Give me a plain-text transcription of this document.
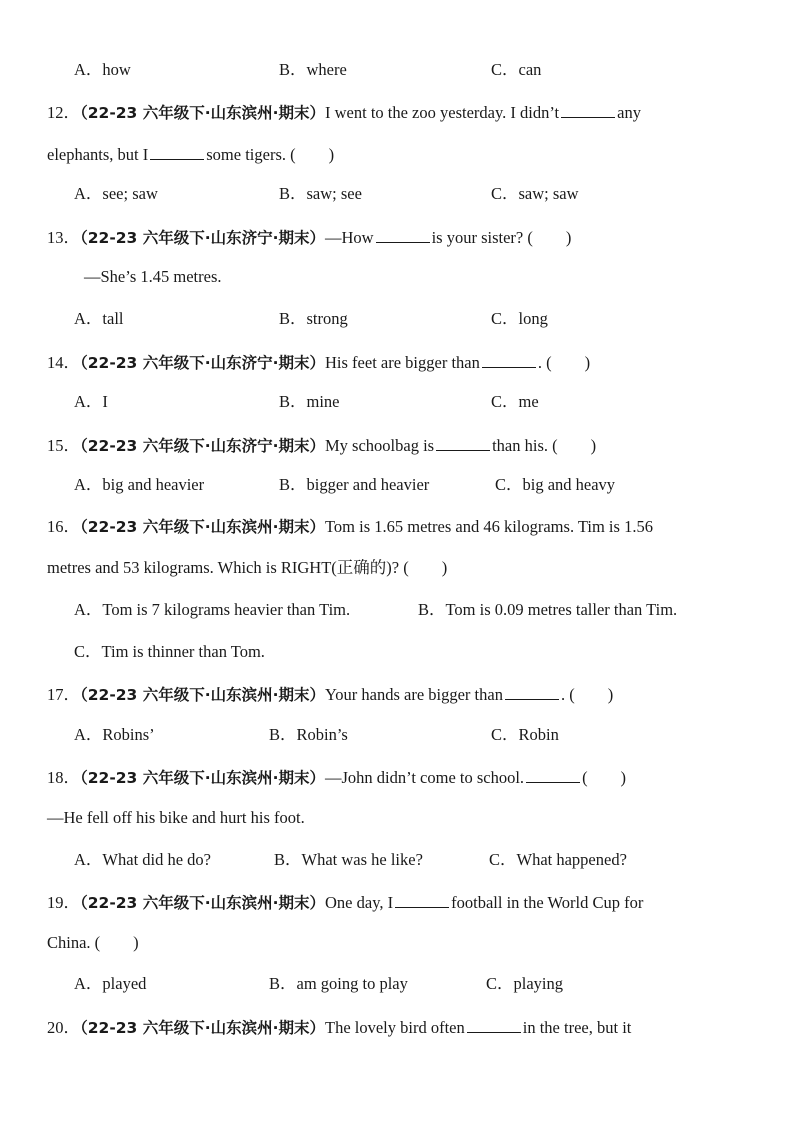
A．how	B．where	C．can
12．（22-23 六年级下·山东滨州·期末）I went to the zoo yesterday. I didn’t	any
elephants, but I	some tigers. (　　)
A．see; saw	B．saw; see	C．saw; saw
13．（22-23 六年级下·山东济宁·期末）—How	is your sister? (　　)
—She’s 1.45 metres.
A．tall	B．strong	C．long
14．（22-23 六年级下·山东济宁·期末）His feet are bigger than	. (　　)
A．I	B．mine	C．me
15．（22-23 六年级下·山东济宁·期末）My schoolbag is	than his. (　　)
A．big and heavier	B．bigger and heavier	C．big and heavy
16．（22-23 六年级下·山东滨州·期末）Tom is 1.65 metres and 46 kilograms. Tim is 1.56
metres and 53 kilograms. Which is RIGHT(正确的)? (　　)
A．Tom is 7 kilograms heavier than Tim.	B．Tom is 0.09 metres taller than Tim.
C．Tim is thinner than Tom.
17．（22-23 六年级下·山东滨州·期末）Your hands are bigger than	. (　　)
A．Robins’	B．Robin’s	C．Robin
18．（22-23 六年级下·山东滨州·期末）—John didn’t come to school.	(　　)
—He fell off his bike and hurt his foot.
A．What did he do?	B．What was he like?	C．What happened?
19．（22-23 六年级下·山东滨州·期末）One day, I	football in the World Cup for
China. (　　)
A．played	B．am going to play	C．playing
20．（22-23 六年级下·山东滨州·期末）The lovely bird often	in the tree, but it
